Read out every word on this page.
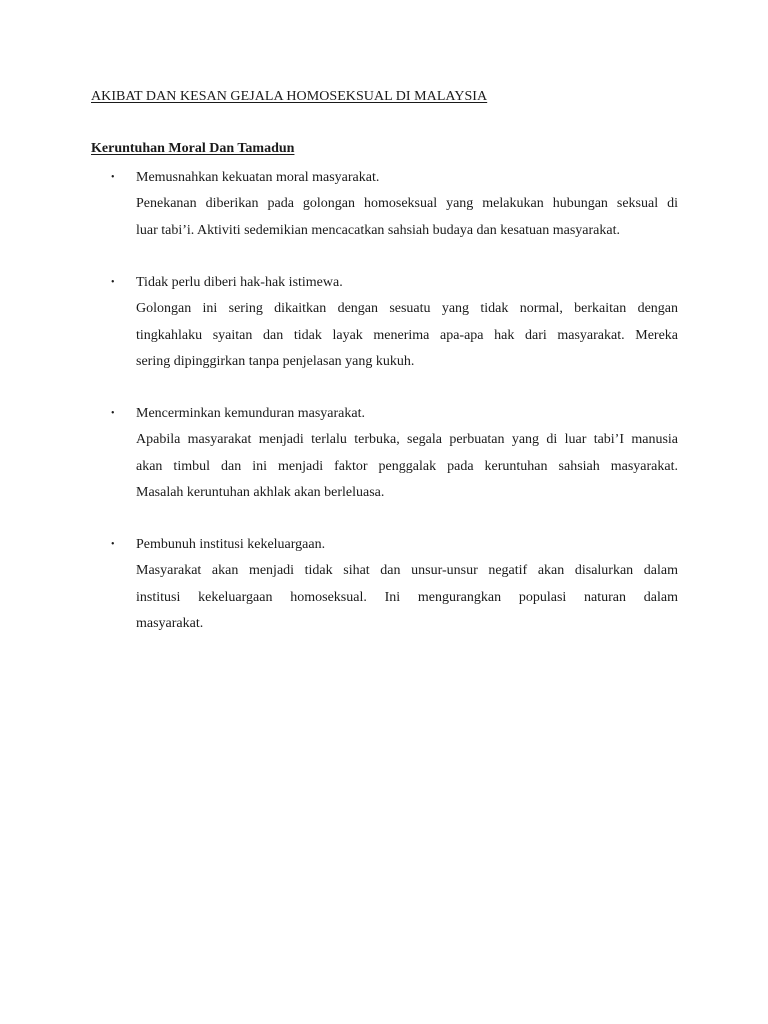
AKIBAT DAN KESAN GEJALA HOMOSEKSUAL DI MALAYSIA
Keruntuhan Moral Dan Tamadun
• Memusnahkan kekuatan moral masyarakat.

Penekanan diberikan pada golongan homoseksual yang melakukan hubungan seksual di
luar tabi’i. Aktiviti sedemikian mencacatkan sahsiah budaya dan kesatuan masyarakat.

• Tidak perlu diberi hak-hak istimewa.

Golongan ini sering dikaitkan dengan sesuatu yang tidak normal, berkaitan dengan
tingkahlaku syaitan dan tidak layak menerima apa-apa hak dari masyarakat. Mereka
sering dipinggirkan tanpa penjelasan yang kukuh.

• Mencerminkan kemunduran masyarakat.

Apabila masyarakat menjadi terlalu terbuka, segala perbuatan yang di luar tabi’I manusia
akan timbul dan ini menjadi faktor penggalak pada keruntuhan sahsiah masyarakat.
Masalah keruntuhan akhlak akan berleluasa.

• Pembunuh institusi kekeluargaan.

Masyarakat akan menjadi tidak sihat dan unsur-unsur negatif akan disalurkan dalam
institusi kekeluargaan homoseksual. Ini mengurangkan populasi naturan dalam
masyarakat.
